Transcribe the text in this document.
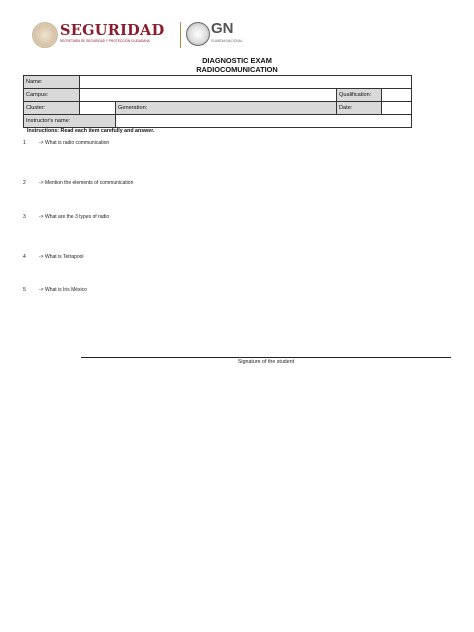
SEGURIDAD
SECRETARÍA DE SEGURIDAD Y PROTECCIÓN CIUDADANA
GN
GUARDIA NACIONAL
DIAGNOSTIC EXAM
RADIOCOMUNICATION
Name:				
Campus:			Qualification:	
Cluster:		Generation:	Date:	
Instructor's name:				
Instructions: Read each item carefully and answer.
1	-> What is radio communication
2	-> Mention the elements of communication
3	-> What are the 3 types of radio
4	-> What is Tetrapool
5	-> What is Iris México
Signature of the student
